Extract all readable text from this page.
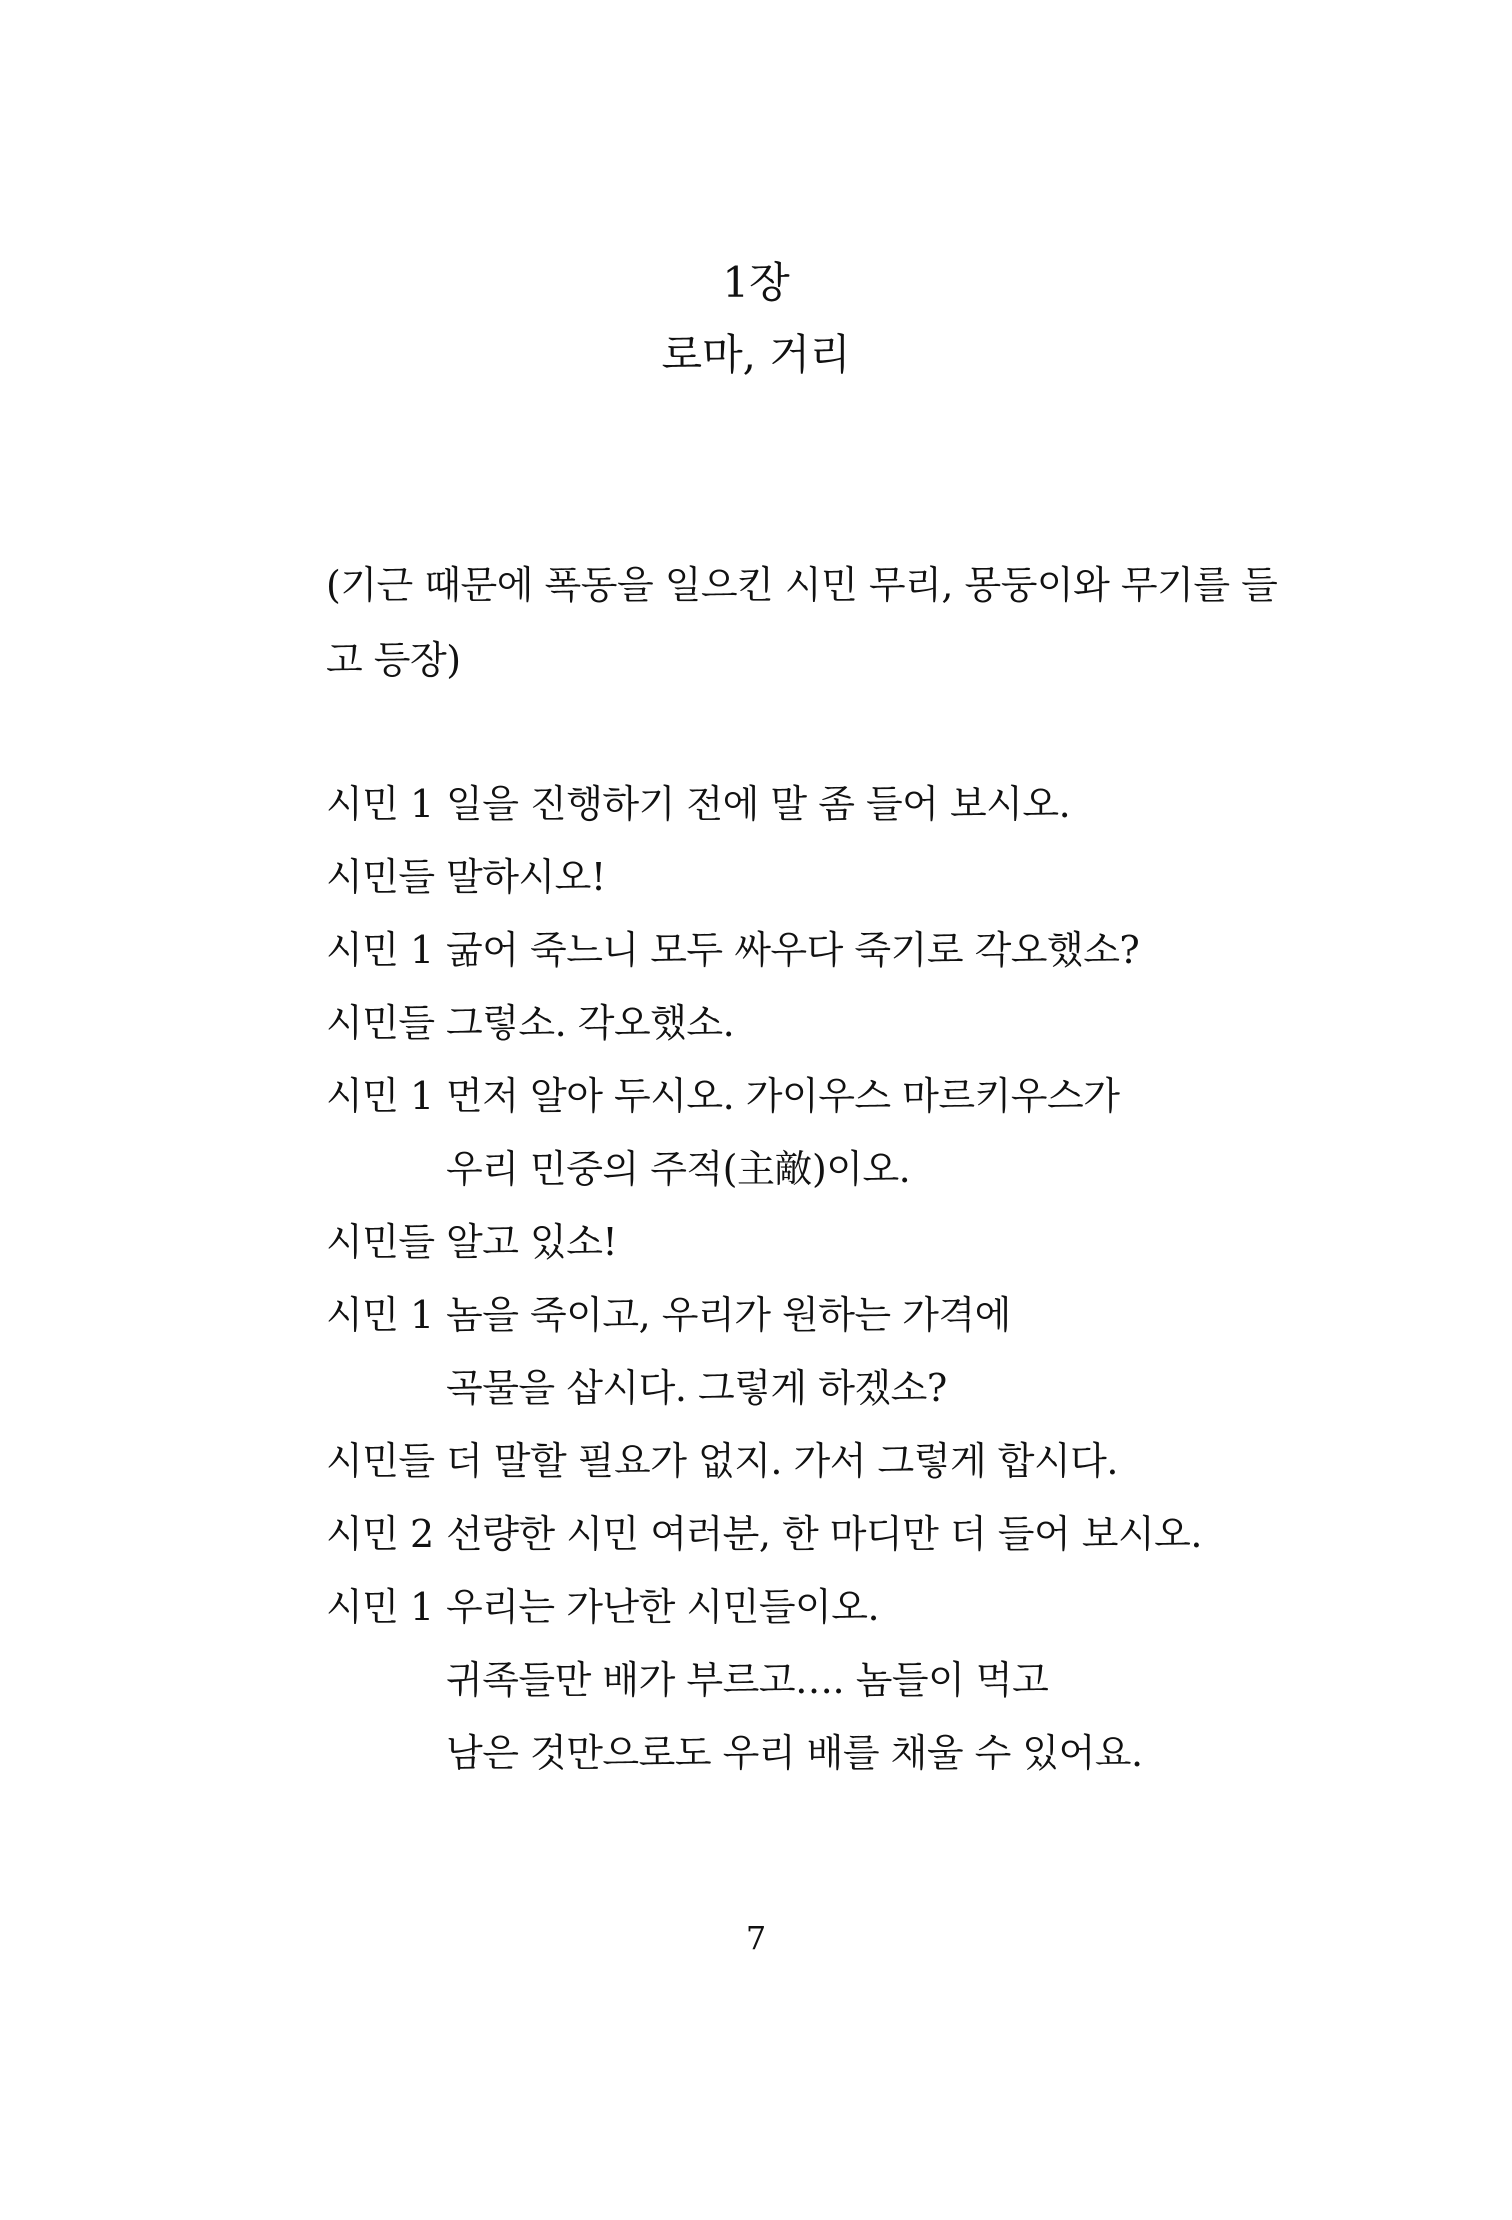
1장
로마, 거리
(기근 때문에 폭동을 일으킨 시민 무리, 몽둥이와 무기를 들
고 등장)
시민 1 일을 진행하기 전에 말 좀 들어 보시오.
시민들 말하시오!
시민 1 굶어 죽느니 모두 싸우다 죽기로 각오했소?
시민들 그렇소. 각오했소.
시민 1 먼저 알아 두시오. 가이우스 마르키우스가
우리 민중의 주적(主敵)이오.
시민들 알고 있소!
시민 1 놈을 죽이고, 우리가 원하는 가격에
곡물을 삽시다. 그렇게 하겠소?
시민들 더 말할 필요가 없지. 가서 그렇게 합시다.
시민 2 선량한 시민 여러분, 한 마디만 더 들어 보시오.
시민 1 우리는 가난한 시민들이오.
귀족들만 배가 부르고…. 놈들이 먹고
남은 것만으로도 우리 배를 채울 수 있어요.
7
